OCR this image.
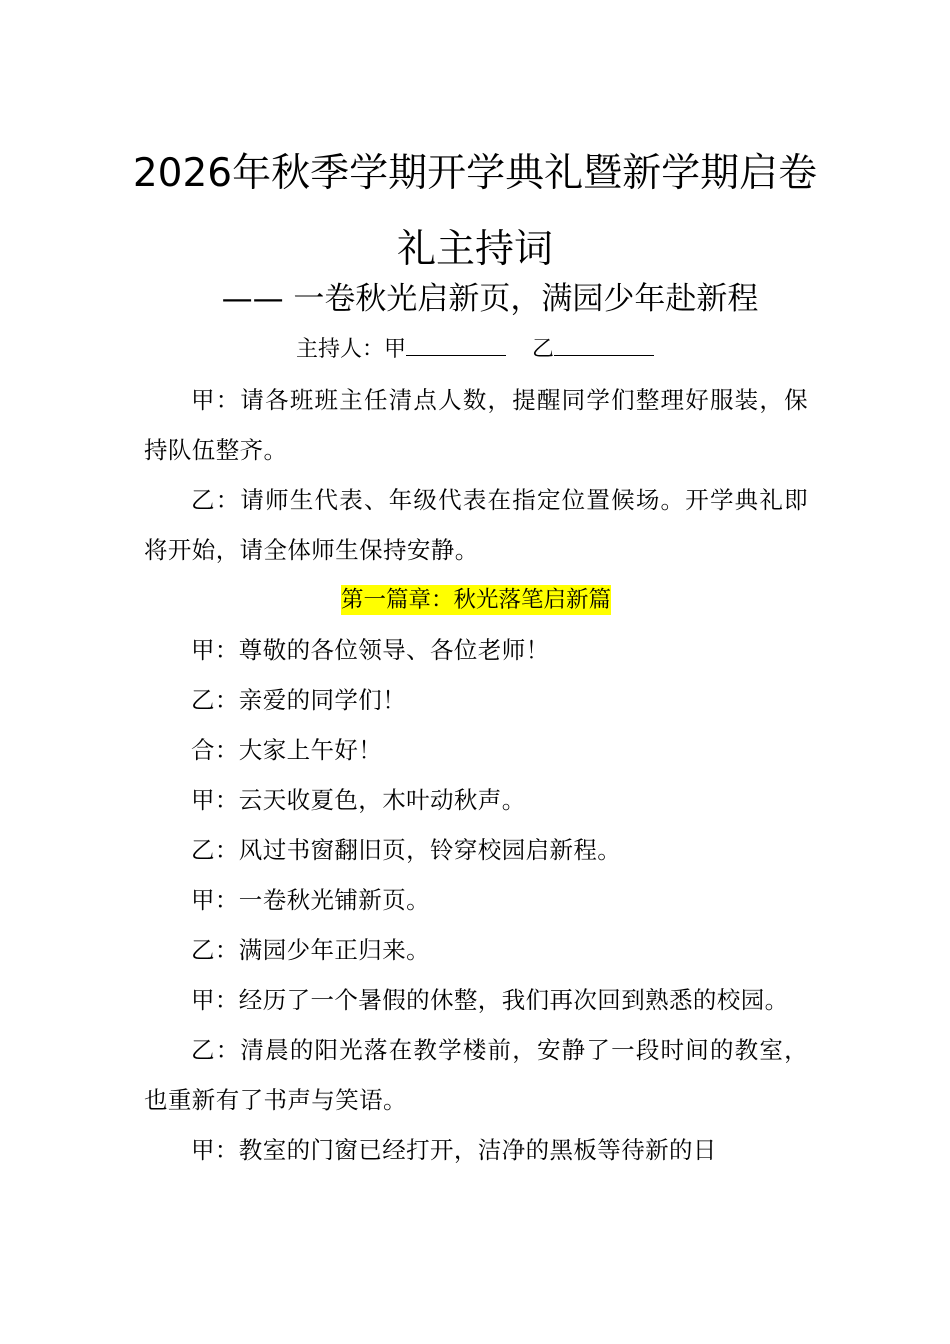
2026年秋季学期开学典礼暨新学期启卷礼主持词
—— 一卷秋光启新页，满园少年赴新程
主持人：甲	乙

甲：请各班班主任清点人数，提醒同学们整理好服装，保持队伍整齐。

乙：请师生代表、年级代表在指定位置候场。开学典礼即将开始，请全体师生保持安静。

第一篇章：秋光落笔启新篇

甲：尊敬的各位领导、各位老师！

乙：亲爱的同学们！

合：大家上午好！

甲：云天收夏色，木叶动秋声。

乙：风过书窗翻旧页，铃穿校园启新程。

甲：一卷秋光铺新页。

乙：满园少年正归来。

甲：经历了一个暑假的休整，我们再次回到熟悉的校园。

乙：清晨的阳光落在教学楼前，安静了一段时间的教室，也重新有了书声与笑语。

甲：教室的门窗已经打开，洁净的黑板等待新的日
